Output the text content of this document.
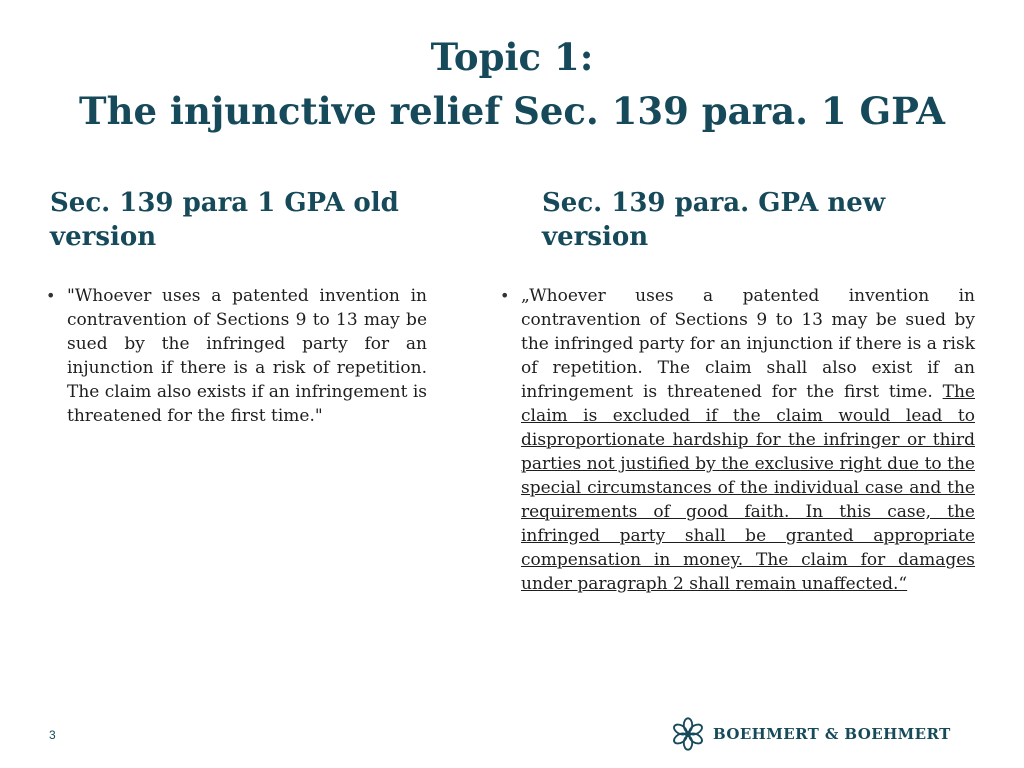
Topic 1:
The injunctive relief Sec. 139 para. 1 GPA
Sec. 139 para 1 GPA old version
Sec. 139 para. GPA new version
• "Whoever uses a patented invention in contravention of Sections 9 to 13 may be sued by the infringed party for an injunction if there is a risk of repetition. The claim also exists if an infringement is threatened for the first time."
• „Whoever uses a patented invention in contravention of Sections 9 to 13 may be sued by the infringed party for an injunction if there is a risk of repetition. The claim shall also exist if an infringement is threatened for the first time. The claim is excluded if the claim would lead to disproportionate hardship for the infringer or third parties not justified by the exclusive right due to the special circumstances of the individual case and the requirements of good faith. In this case, the infringed party shall be granted appropriate compensation in money. The claim for damages under paragraph 2 shall remain unaffected.“
3	BOEHMERT & BOEHMERT
